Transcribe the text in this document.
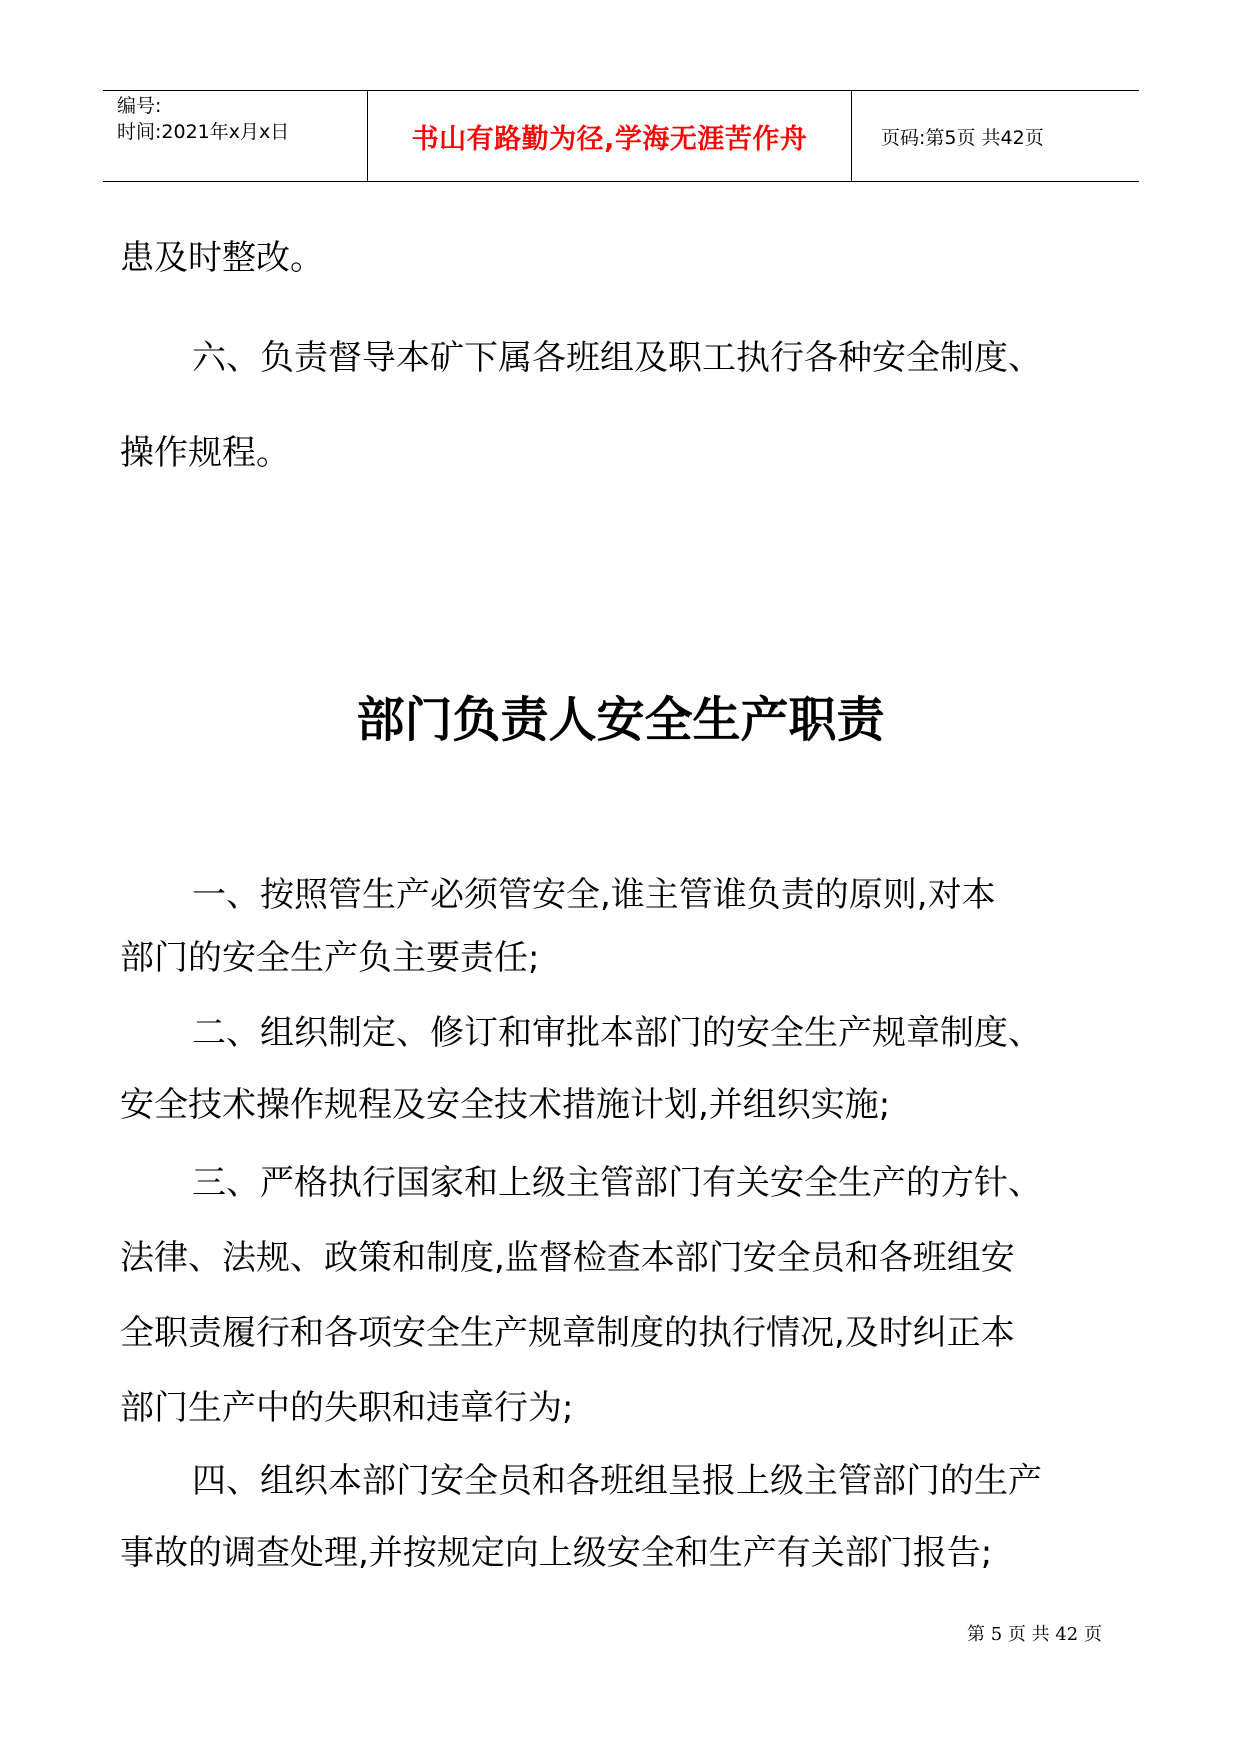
编号:
时间:2021年x月x日	书山有路勤为径,学海无涯苦作舟	页码:第5页 共42页
患及时整改。
六、负责督导本矿下属各班组及职工执行各种安全制度、
操作规程。
部门负责人安全生产职责
一、按照管生产必须管安全,谁主管谁负责的原则,对本
部门的安全生产负主要责任;
二、组织制定、修订和审批本部门的安全生产规章制度、
安全技术操作规程及安全技术措施计划,并组织实施;
三、严格执行国家和上级主管部门有关安全生产的方针、
法律、法规、政策和制度,监督检查本部门安全员和各班组安
全职责履行和各项安全生产规章制度的执行情况,及时纠正本
部门生产中的失职和违章行为;
四、组织本部门安全员和各班组呈报上级主管部门的生产
事故的调查处理,并按规定向上级安全和生产有关部门报告;
第 5 页 共 42 页
